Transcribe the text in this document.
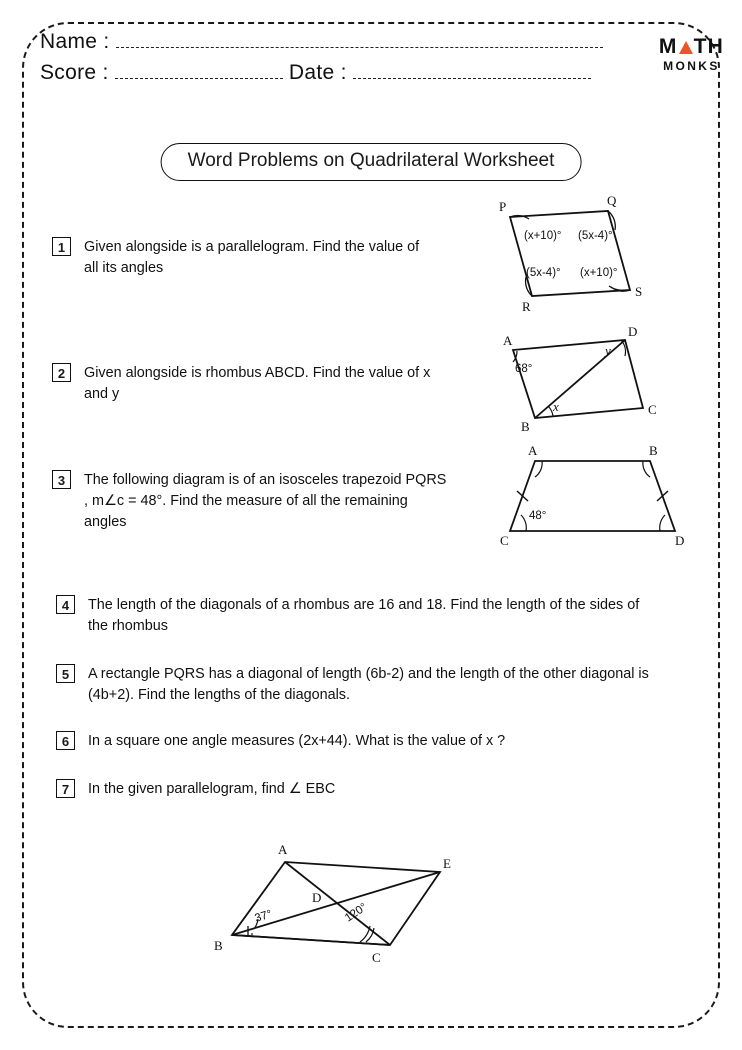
Name :
Score :	Date :
M TH
MONKS
Word Problems on Quadrilateral Worksheet
1	Given alongside is a parallelogram. Find the value of all its angles
P	Q
R
S
(x+10)° (5x-4)°
(5x-4)° (x+10)°
2	Given alongside is rhombus ABCD. Find the value of x and y
A
D
B
C
68°
x
y
3	The following diagram is of an isosceles trapezoid PQRS , m∠c = 48°. Find the measure of all the remaining angles
A	B
C	D
48°
4	The length of the diagonals of a rhombus are 16 and 18. Find the length of the sides of the rhombus
5	A rectangle PQRS has a diagonal of length (6b-2) and the length of the other diagonal is (4b+2). Find the lengths of the diagonals.
6	In a square one angle measures (2x+44). What is the value of x ?
7	In the given parallelogram, find ∠ EBC
A
E
B
C
D
37°	120°
